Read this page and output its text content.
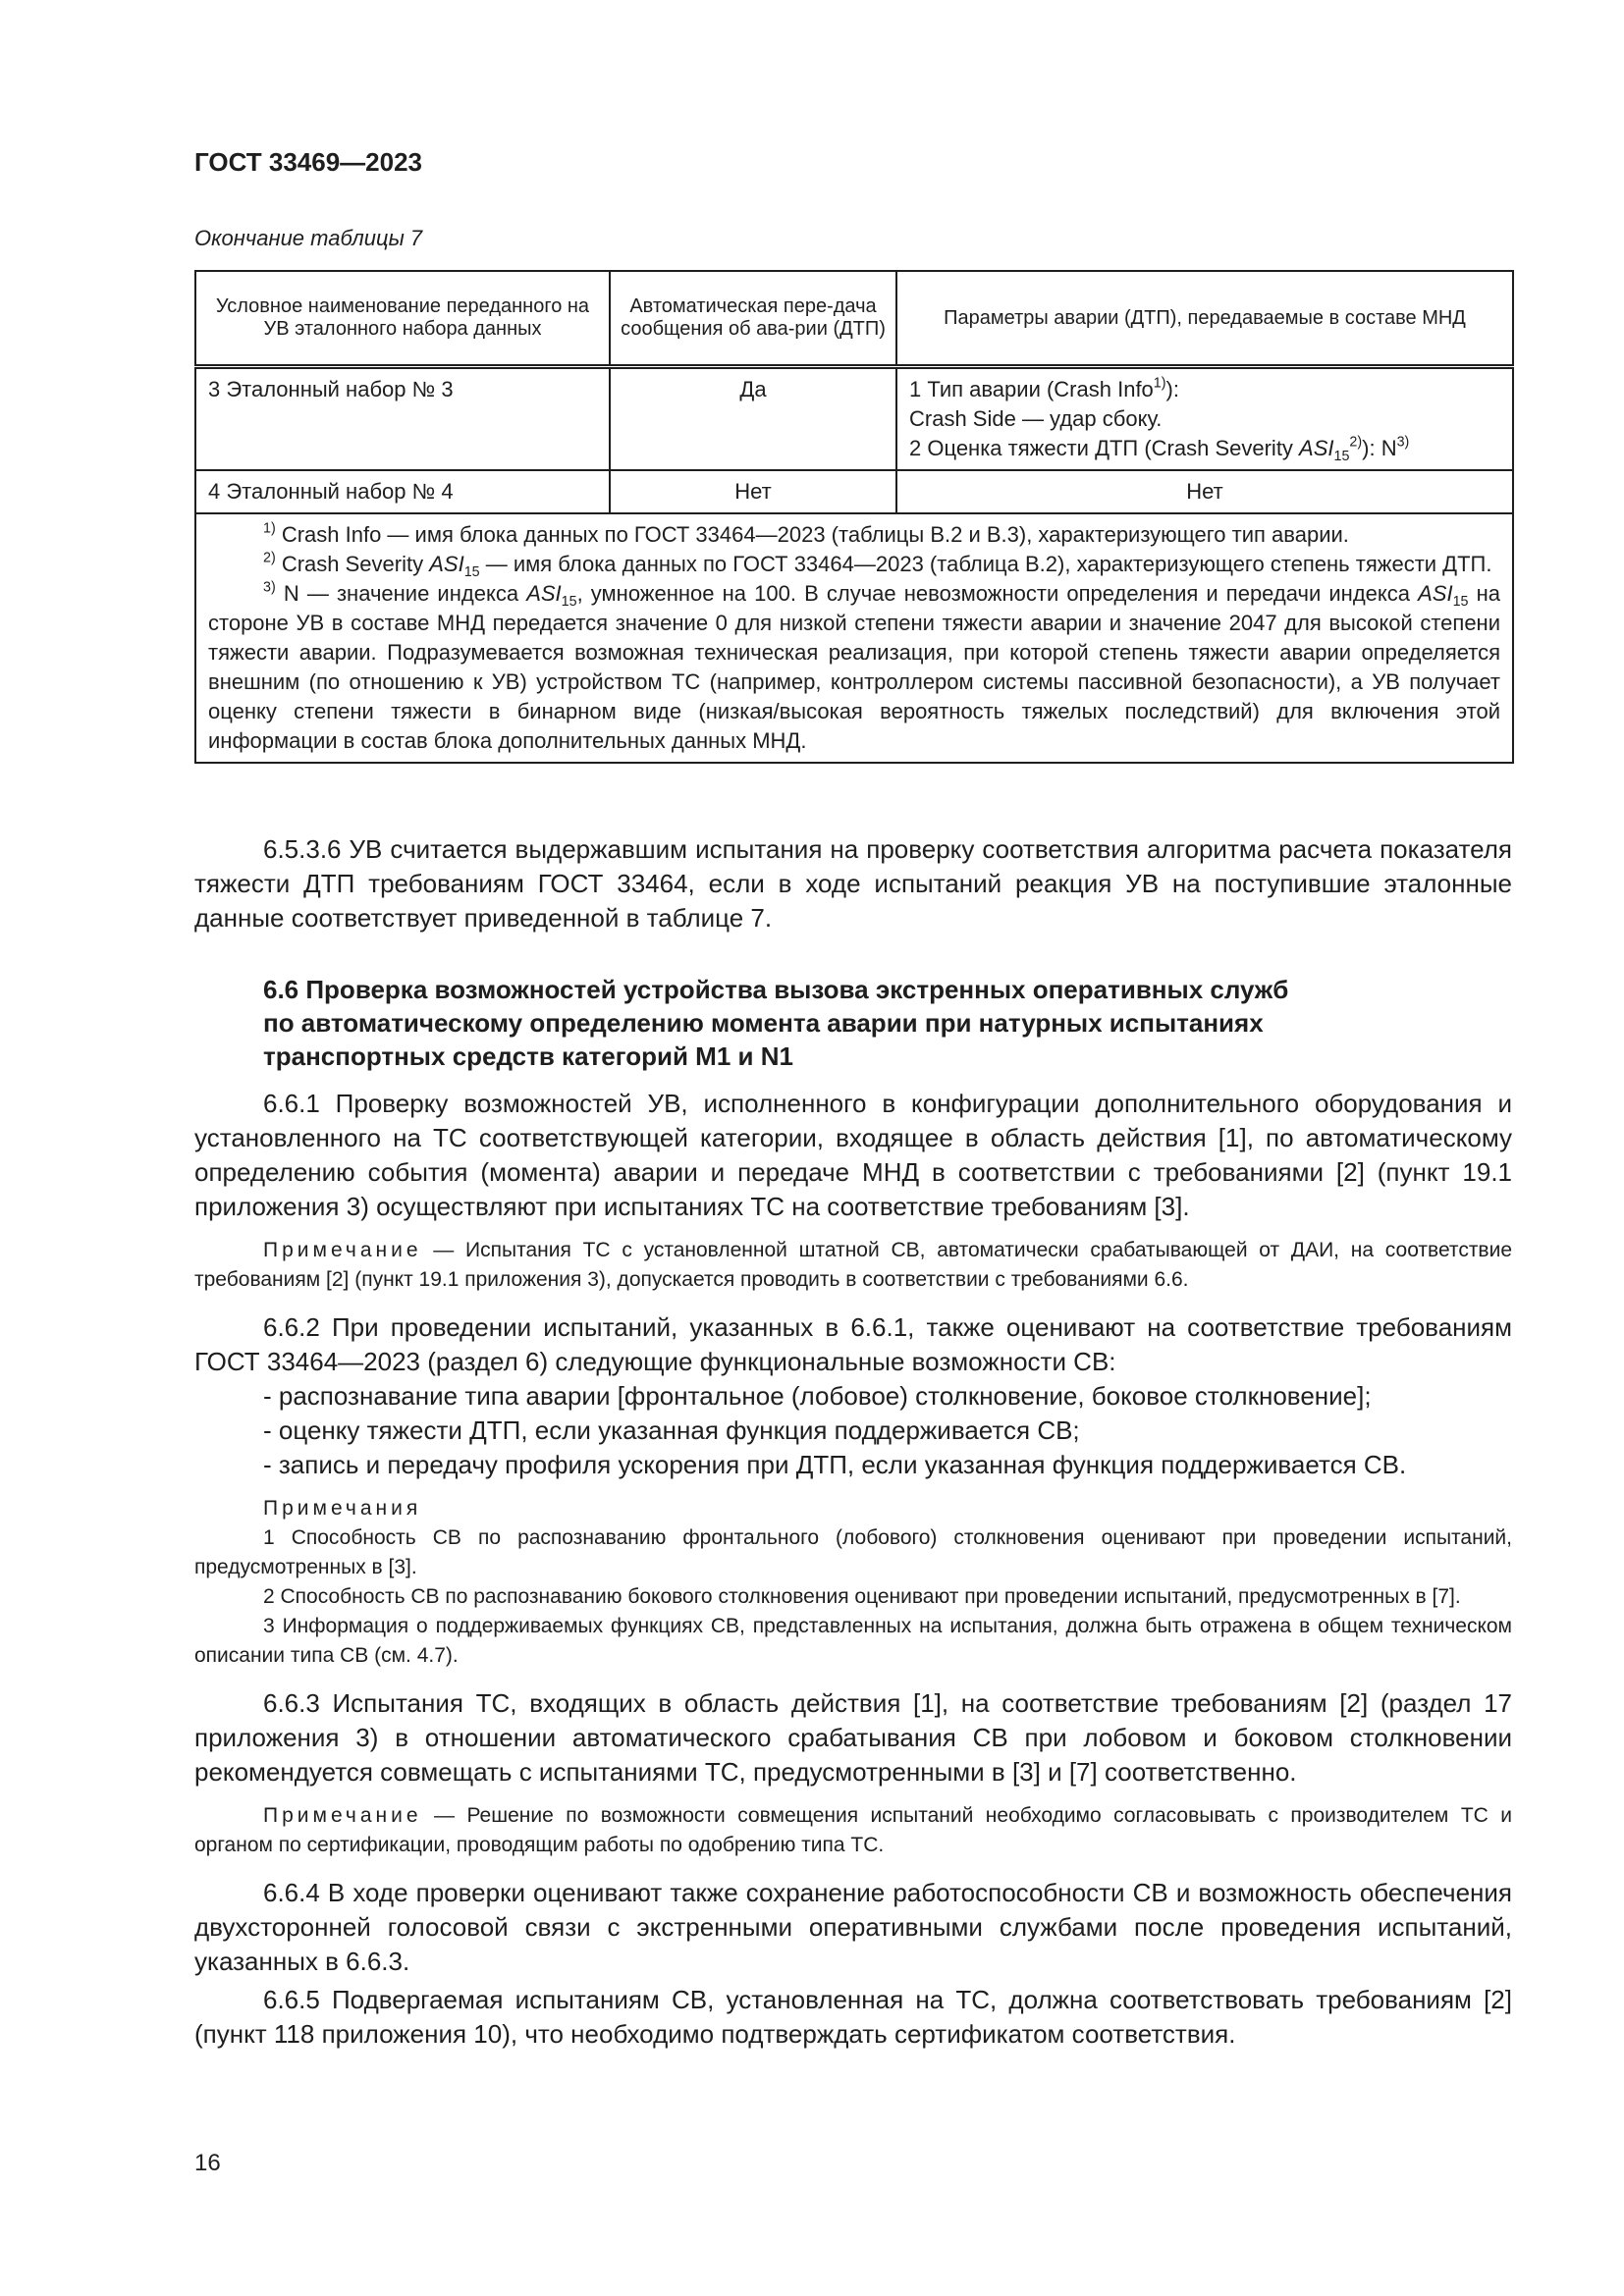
ГОСТ 33469—2023
Окончание таблицы 7
Условное наименование переданного на УВ эталонного набора данных	Автоматическая пере-дача сообщения об ава-рии (ДТП)	Параметры аварии (ДТП), передаваемые в составе МНД
3 Эталонный набор № 3	Да	1 Тип аварии (Crash Info$^{1)}$):
Crash Side — удар сбоку.
2 Оценка тяжести ДТП (Crash Severity $ASI_{15}^{2)}$): $N^{3)}$

4 Эталонный набор № 4	Нет	Нет

$^{1)}$ Crash Info — имя блока данных по ГОСТ 33464—2023 (таблицы В.2 и В.3), характеризующего тип аварии.

$^{2)}$ Crash Severity $ASI_{15}$ — имя блока данных по ГОСТ 33464—2023 (таблица В.2), характеризующего степень тяжести ДТП.

$^{3)}$ N — значение индекса $ASI_{15}$, умноженное на 100. В случае невозможности определения и передачи индекса $ASI_{15}$ на стороне УВ в составе МНД передается значение 0 для низкой степени тяжести аварии и значение 2047 для высокой степени тяжести аварии. Подразумевается возможная техническая реализация, при которой степень тяжести аварии определяется внешним (по отношению к УВ) устройством ТС (например, контроллером системы пассивной безопасности), а УВ получает оценку степени тяжести в бинарном виде (низкая/высокая вероятность тяжелых последствий) для включения этой информации в состав блока дополнительных данных МНД.		

6.5.3.6 УВ считается выдержавшим испытания на проверку соответствия алгоритма расчета показателя тяжести ДТП требованиям ГОСТ 33464, если в ходе испытаний реакция УВ на поступившие эталонные данные соответствует приведенной в таблице 7.

6.6 Проверка возможностей устройства вызова экстренных оперативных служб
по автоматическому определению момента аварии при натурных испытаниях
транспортных средств категорий М1 и N1

6.6.1 Проверку возможностей УВ, исполненного в конфигурации дополнительного оборудования и установленного на ТС соответствующей категории, входящее в область действия [1], по автоматическому определению события (момента) аварии и передаче МНД в соответствии с требованиями [2] (пункт 19.1 приложения 3) осуществляют при испытаниях ТС на соответствие требованиям [3].

Примечание — Испытания ТС с установленной штатной СВ, автоматически срабатывающей от ДАИ, на соответствие требованиям [2] (пункт 19.1 приложения 3), допускается проводить в соответствии с требованиями 6.6.

6.6.2 При проведении испытаний, указанных в 6.6.1, также оценивают на соответствие требованиям ГОСТ 33464—2023 (раздел 6) следующие функциональные возможности СВ:

- распознавание типа аварии [фронтальное (лобовое) столкновение, боковое столкновение];

- оценку тяжести ДТП, если указанная функция поддерживается СВ;

- запись и передачу профиля ускорения при ДТП, если указанная функция поддерживается СВ.

Примечания

1 Способность СВ по распознаванию фронтального (лобового) столкновения оценивают при проведении испытаний, предусмотренных в [3].

2 Способность СВ по распознаванию бокового столкновения оценивают при проведении испытаний, предусмотренных в [7].

3 Информация о поддерживаемых функциях СВ, представленных на испытания, должна быть отражена в общем техническом описании типа СВ (см. 4.7).

6.6.3 Испытания ТС, входящих в область действия [1], на соответствие требованиям [2] (раздел 17 приложения 3) в отношении автоматического срабатывания СВ при лобовом и боковом столкновении рекомендуется совмещать с испытаниями ТС, предусмотренными в [3] и [7] соответственно.

Примечание — Решение по возможности совмещения испытаний необходимо согласовывать с производителем ТС и органом по сертификации, проводящим работы по одобрению типа ТС.

6.6.4 В ходе проверки оценивают также сохранение работоспособности СВ и возможность обеспечения двухсторонней голосовой связи с экстренными оперативными службами после проведения испытаний, указанных в 6.6.3.

6.6.5 Подвергаемая испытаниям СВ, установленная на ТС, должна соответствовать требованиям [2] (пункт 118 приложения 10), что необходимо подтверждать сертификатом соответствия.

16
